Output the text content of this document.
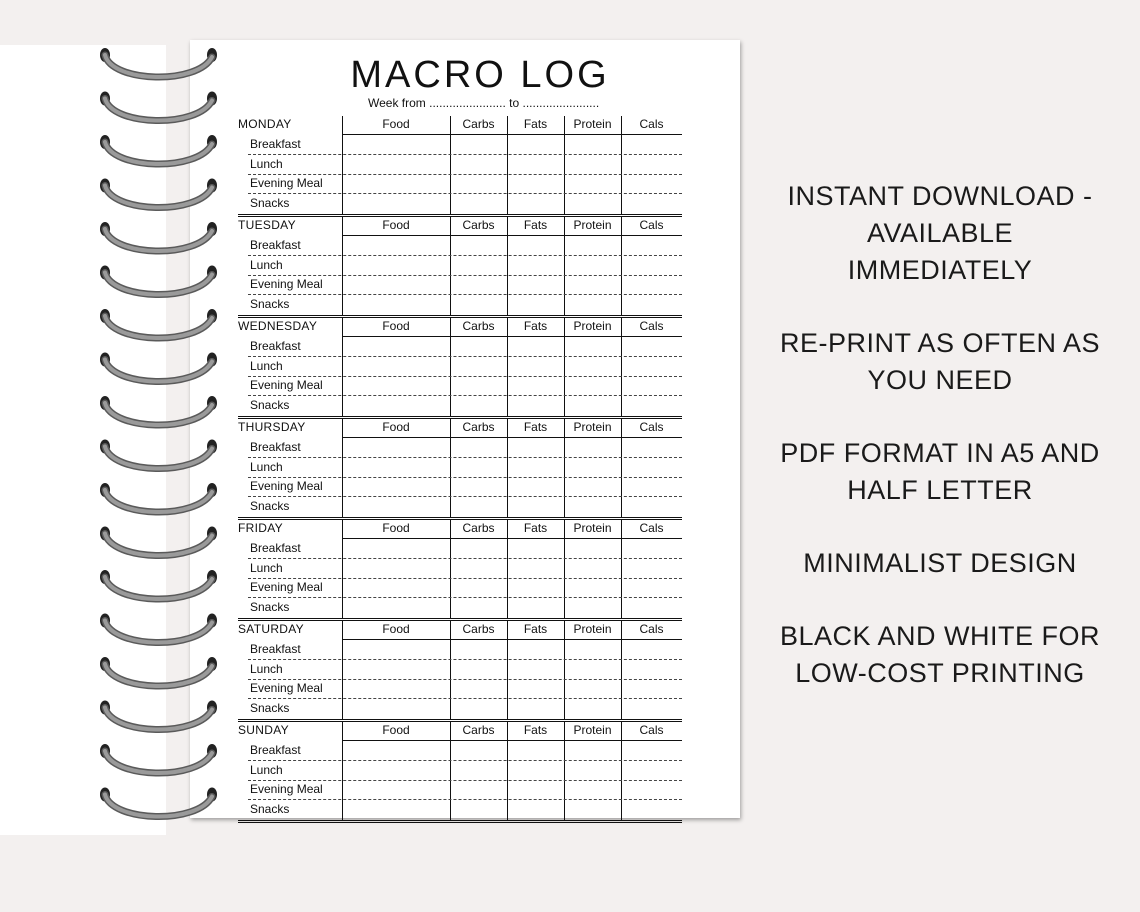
MACRO LOG
Week from ....................... to .......................
MONDAY	Food	Carbs	Fats	Protein	Cals
Breakfast
Lunch
Evening Meal
Snacks
TUESDAY	Food	Carbs	Fats	Protein	Cals
Breakfast
Lunch
Evening Meal
Snacks
WEDNESDAY	Food	Carbs	Fats	Protein	Cals
Breakfast
Lunch
Evening Meal
Snacks
THURSDAY	Food	Carbs	Fats	Protein	Cals
Breakfast
Lunch
Evening Meal
Snacks
FRIDAY	Food	Carbs	Fats	Protein	Cals
Breakfast
Lunch
Evening Meal
Snacks
SATURDAY	Food	Carbs	Fats	Protein	Cals
Breakfast
Lunch
Evening Meal
Snacks
SUNDAY	Food	Carbs	Fats	Protein	Cals
Breakfast
Lunch
Evening Meal
Snacks
INSTANT DOWNLOAD -
AVAILABLE
IMMEDIATELY
RE-PRINT AS OFTEN AS
YOU NEED
PDF FORMAT IN A5 AND
HALF LETTER
MINIMALIST DESIGN
BLACK AND WHITE FOR
LOW-COST PRINTING
